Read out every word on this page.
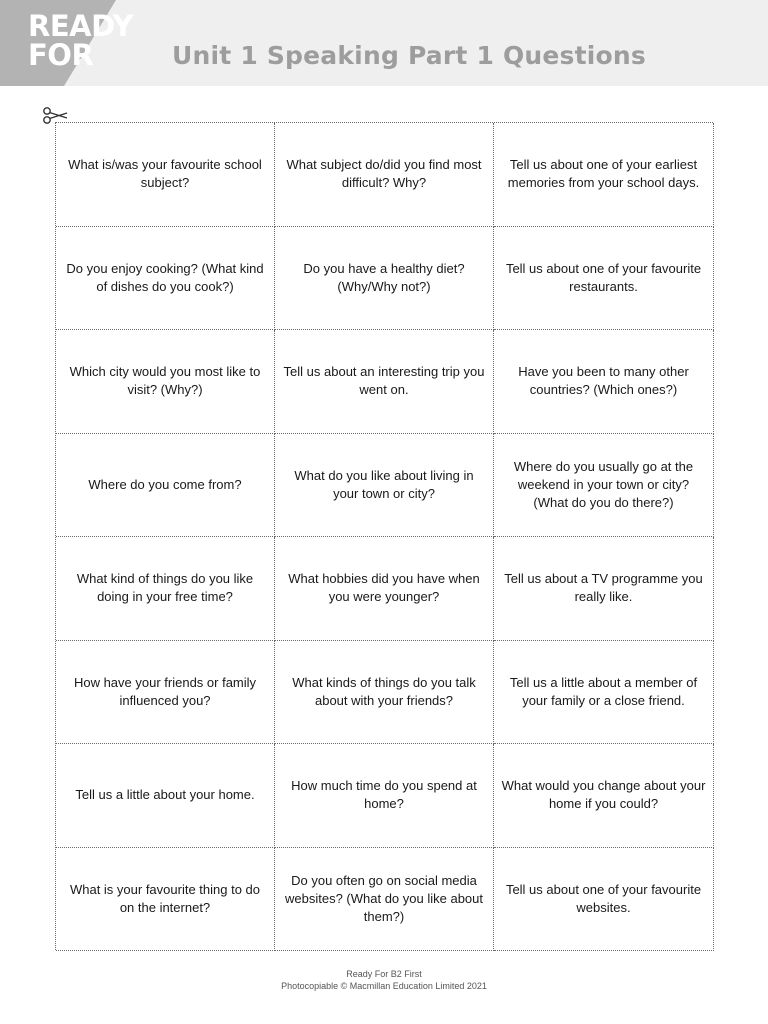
READY
FOR	Unit 1 Speaking Part 1 Questions
What is/was your favourite school subject?
What subject do/did you find most difficult? Why?
Tell us about one of your earliest memories from your school days.
Do you enjoy cooking? (What kind of dishes do you cook?)
Do you have a healthy diet? (Why/Why not?)
Tell us about one of your favourite restaurants.
Which city would you most like to visit? (Why?)
Tell us about an interesting trip you went on.
Have you been to many other countries? (Which ones?)
Where do you come from?
What do you like about living in your town or city?
Where do you usually go at the weekend in your town or city? (What do you do there?)
What kind of things do you like doing in your free time?
What hobbies did you have when you were younger?
Tell us about a TV programme you really like.
How have your friends or family influenced you?
What kinds of things do you talk about with your friends?
Tell us a little about a member of your family or a close friend.
Tell us a little about your home.
How much time do you spend at home?
What would you change about your home if you could?
What is your favourite thing to do on the internet?
Do you often go on social media websites? (What do you like about them?)
Tell us about one of your favourite websites.
Ready For B2 First
Photocopiable © Macmillan Education Limited 2021
